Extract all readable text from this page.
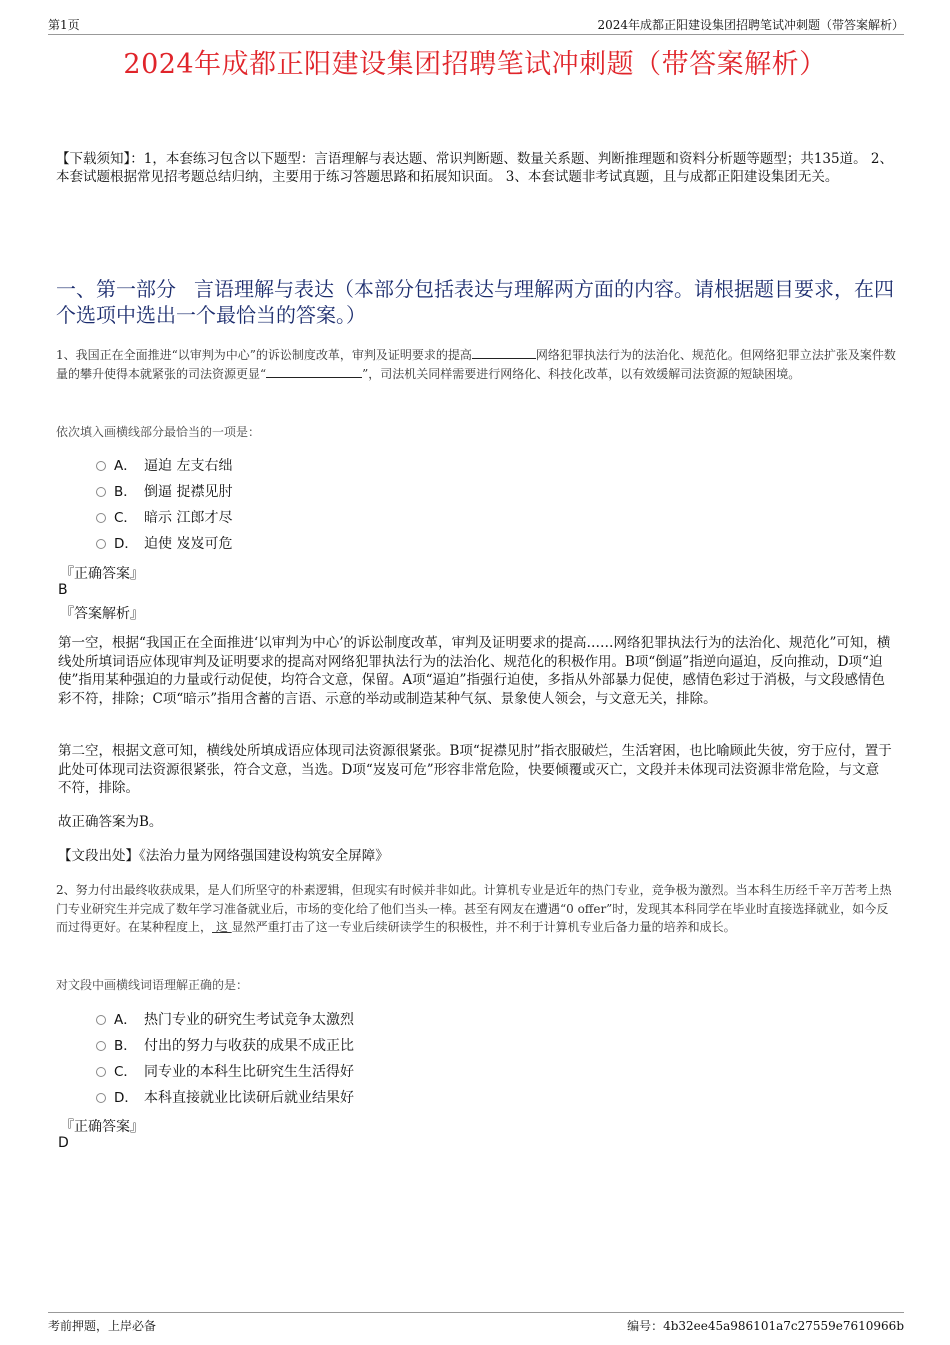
第1页	2024年成都正阳建设集团招聘笔试冲刺题（带答案解析）
2024年成都正阳建设集团招聘笔试冲刺题（带答案解析）
【下载须知】：1，本套练习包含以下题型：言语理解与表达题、常识判断题、数量关系题、判断推理题和资料分析题等题型；共135道。 2、本套试题根据常见招考题总结归纳，主要用于练习答题思路和拓展知识面。 3、本套试题非考试真题，且与成都正阳建设集团无关。
一、第一部分 言语理解与表达（本部分包括表达与理解两方面的内容。请根据题目要求，在四个选项中选出一个最恰当的答案。）
1、我国正在全面推进“以审判为中心”的诉讼制度改革，审判及证明要求的提高	网络犯罪执法行为的法治化、规范化。但网络犯罪立法扩张及案件数量的攀升使得本就紧张的司法资源更显“	”，司法机关同样需要进行网络化、科技化改革，以有效缓解司法资源的短缺困境。
依次填入画横线部分最恰当的一项是：
A． 逼迫 左支右绌
B． 倒逼 捉襟见肘
C． 暗示 江郎才尽
D． 迫使 岌岌可危
『正确答案』
B
『答案解析』
第一空，根据“我国正在全面推进‘以审判为中心’的诉讼制度改革，审判及证明要求的提高……网络犯罪执法行为的法治化、规范化”可知，横线处所填词语应体现审判及证明要求的提高对网络犯罪执法行为的法治化、规范化的积极作用。B项“倒逼”指逆向逼迫，反向推动，D项“迫使”指用某种强迫的力量或行动促使，均符合文意，保留。A项“逼迫”指强行迫使，多指从外部暴力促使，感情色彩过于消极，与文段感情色彩不符，排除；C项“暗示”指用含蓄的言语、示意的举动或制造某种气氛、景象使人领会，与文意无关，排除。
第二空，根据文意可知，横线处所填成语应体现司法资源很紧张。B项“捉襟见肘”指衣服破烂，生活窘困，也比喻顾此失彼，穷于应付，置于此处可体现司法资源很紧张，符合文意，当选。D项“岌岌可危”形容非常危险，快要倾覆或灭亡，文段并未体现司法资源非常危险，与文意不符，排除。
故正确答案为B。
【文段出处】《法治力量为网络强国建设构筑安全屏障》
2、努力付出最终收获成果，是人们所坚守的朴素逻辑，但现实有时候并非如此。计算机专业是近年的热门专业，竞争极为激烈。当本科生历经千辛万苦考上热门专业研究生并完成了数年学习准备就业后，市场的变化给了他们当头一棒。甚至有网友在遭遇“0 offer”时，发现其本科同学在毕业时直接选择就业，如今反而过得更好。在某种程度上， 这 显然严重打击了这一专业后续研读学生的积极性，并不利于计算机专业后备力量的培养和成长。
对文段中画横线词语理解正确的是：
A． 热门专业的研究生考试竞争太激烈
B． 付出的努力与收获的成果不成正比
C． 同专业的本科生比研究生生活得好
D． 本科直接就业比读研后就业结果好
『正确答案』
D
考前押题，上岸必备	编号：4b32ee45a986101a7c27559e7610966b
